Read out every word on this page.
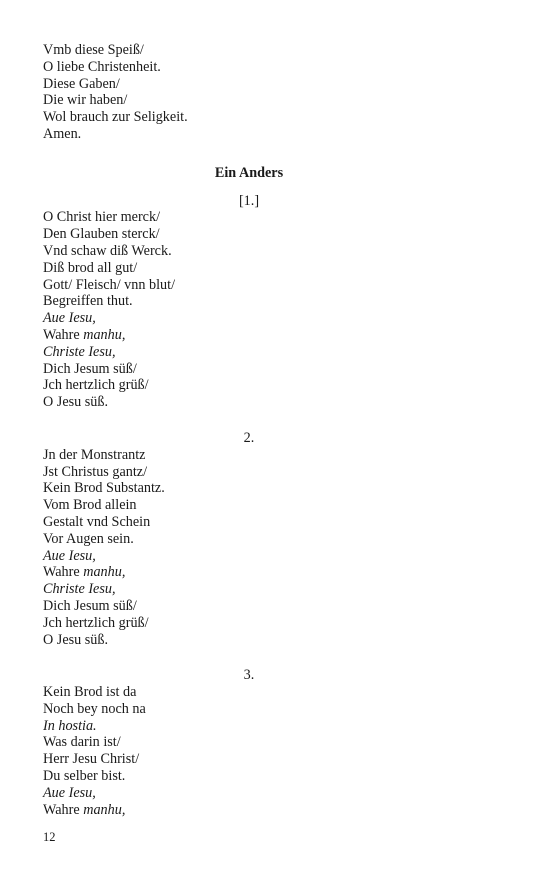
Vmb diese Speiß/
O liebe Christenheit.
Diese Gaben/
Die wir haben/
Wol brauch zur Seligkeit.
Amen.
Ein Anders
[1.]
O Christ hier merck/
Den Glauben sterck/
Vnd schaw diß Werck.
Diß brod all gut/
Gott/ Fleisch/ vnn blut/
Begreiffen thut.
Aue Iesu,
Wahre manhu,
Christe Iesu,
Dich Jesum süß/
Jch hertzlich grüß/
O Jesu süß.
2.
Jn der Monstrantz
Jst Christus gantz/
Kein Brod Substantz.
Vom Brod allein
Gestalt vnd Schein
Vor Augen sein.
Aue Iesu,
Wahre manhu,
Christe Iesu,
Dich Jesum süß/
Jch hertzlich grüß/
O Jesu süß.
3.
Kein Brod ist da
Noch bey noch na
In hostia.
Was darin ist/
Herr Jesu Christ/
Du selber bist.
Aue Iesu,
Wahre manhu,
12
